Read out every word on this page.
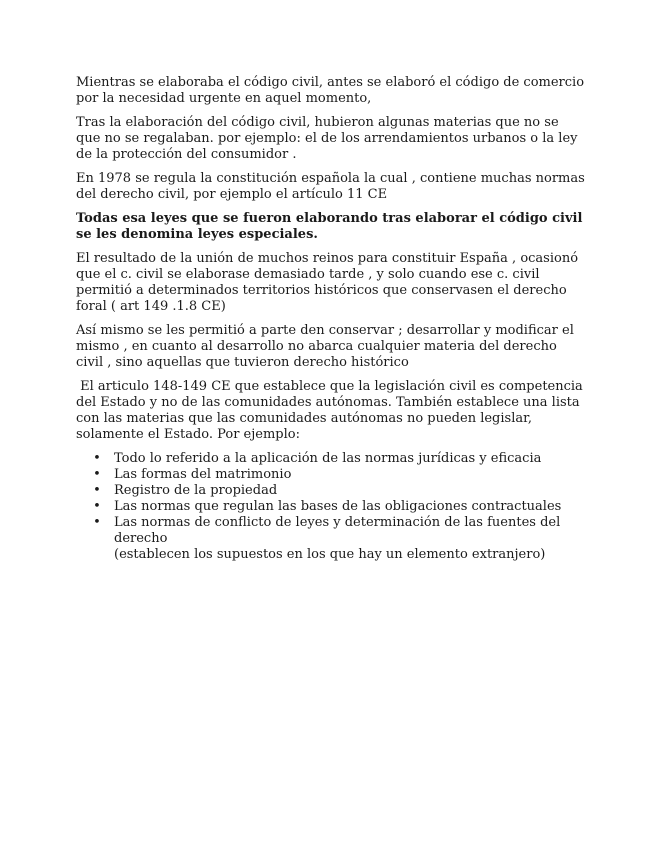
Mientras se elaboraba el código civil, antes se elaboró el código de comercio por la necesidad urgente en aquel momento,

Tras la elaboración del código civil, hubieron algunas materias que no se que no se regalaban. por ejemplo: el de los arrendamientos urbanos o la ley de la protección del consumidor .

En 1978 se regula la constitución española la cual , contiene muchas normas del derecho civil, por ejemplo el artículo 11 CE

Todas esa leyes que se fueron elaborando tras elaborar el código civil se les denomina leyes especiales.

El resultado de la unión de muchos reinos para constituir España , ocasionó que el c. civil se elaborase demasiado tarde , y solo cuando ese c. civil permitió a determinados territorios históricos que conservasen el derecho foral ( art 149 .1.8 CE)

Así mismo se les permitió a parte den conservar ; desarrollar y modificar el mismo , en cuanto al desarrollo no abarca cualquier materia del derecho civil , sino aquellas que tuvieron derecho histórico

El articulo 148-149 CE que establece que la legislación civil es competencia del Estado y no de las comunidades autónomas. También establece una lista con las materias que las comunidades autónomas no pueden legislar, solamente el Estado. Por ejemplo:

• Todo lo referido a la aplicación de las normas jurídicas y eficacia
• Las formas del matrimonio
• Registro de la propiedad
• Las normas que regulan las bases de las obligaciones contractuales
• Las normas de conflicto de leyes y determinación de las fuentes del derecho
(establecen los supuestos en los que hay un elemento extranjero)
